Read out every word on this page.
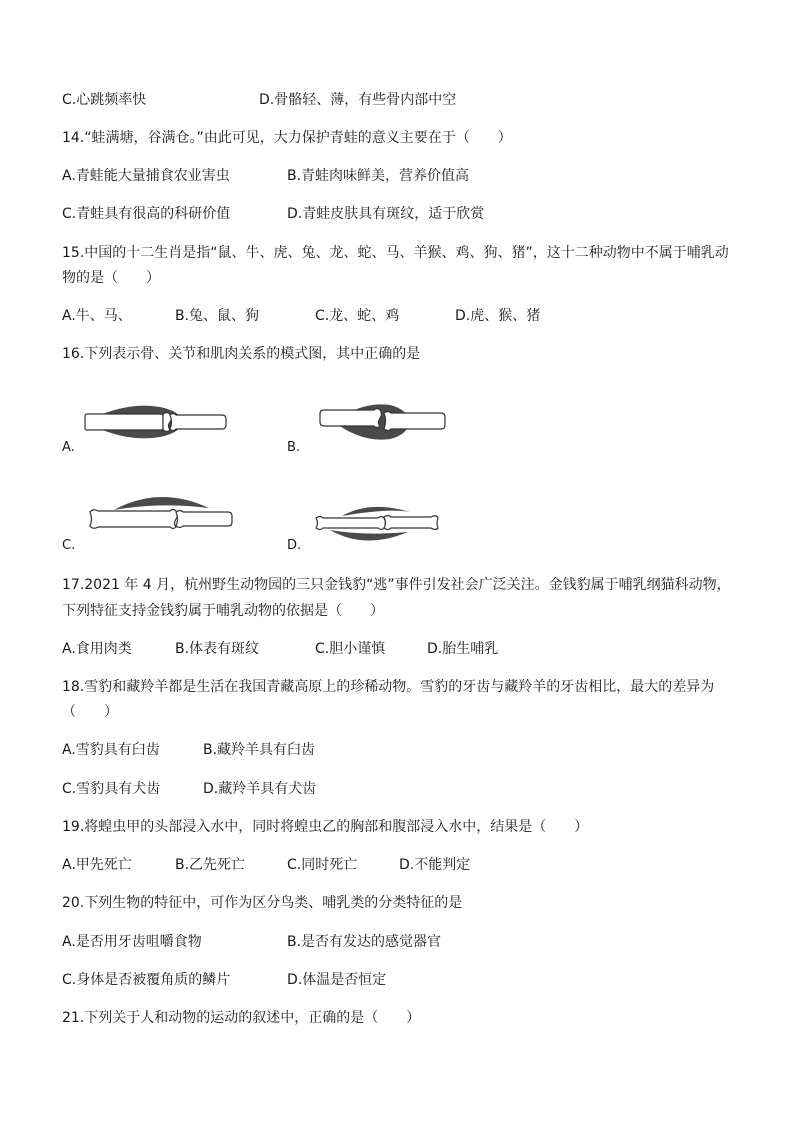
C.心跳频率快	D.骨骼轻、薄，有些骨内部中空
14.“蛙满塘，谷满仓。”由此可见，大力保护青蛙的意义主要在于（　　）
A.青蛙能大量捕食农业害虫	B.青蛙肉味鲜美，营养价值高
C.青蛙具有很高的科研价值	D.青蛙皮肤具有斑纹，适于欣赏
15.中国的十二生肖是指“鼠、牛、虎、兔、龙、蛇、马、羊猴、鸡、狗、猪”，这十二种动物中不属于哺乳动
物的是（　　）
A.牛、马、	B.兔、鼠、狗	C.龙、蛇、鸡	D.虎、猴、猪
16.下列表示骨、关节和肌肉关系的模式图，其中正确的是
A.	B.
C.	D.
17.2021 年 4 月，杭州野生动物园的三只金钱豹“逃”事件引发社会广泛关注。金钱豹属于哺乳纲猫科动物，
下列特征支持金钱豹属于哺乳动物的依据是（　　）
A.食用肉类	B.体表有斑纹	C.胆小谨慎	D.胎生哺乳
18.雪豹和藏羚羊都是生活在我国青藏高原上的珍稀动物。雪豹的牙齿与藏羚羊的牙齿相比，最大的差异为
（　　）
A.雪豹具有臼齿	B.藏羚羊具有臼齿
C.雪豹具有犬齿	D.藏羚羊具有犬齿
19.将蝗虫甲的头部浸入水中，同时将蝗虫乙的胸部和腹部浸入水中，结果是（　　）
A.甲先死亡	B.乙先死亡	C.同时死亡	D.不能判定
20.下列生物的特征中，可作为区分鸟类、哺乳类的分类特征的是
A.是否用牙齿咀嚼食物	B.是否有发达的感觉器官
C.身体是否被覆角质的鳞片	D.体温是否恒定
21.下列关于人和动物的运动的叙述中，正确的是（　　）
